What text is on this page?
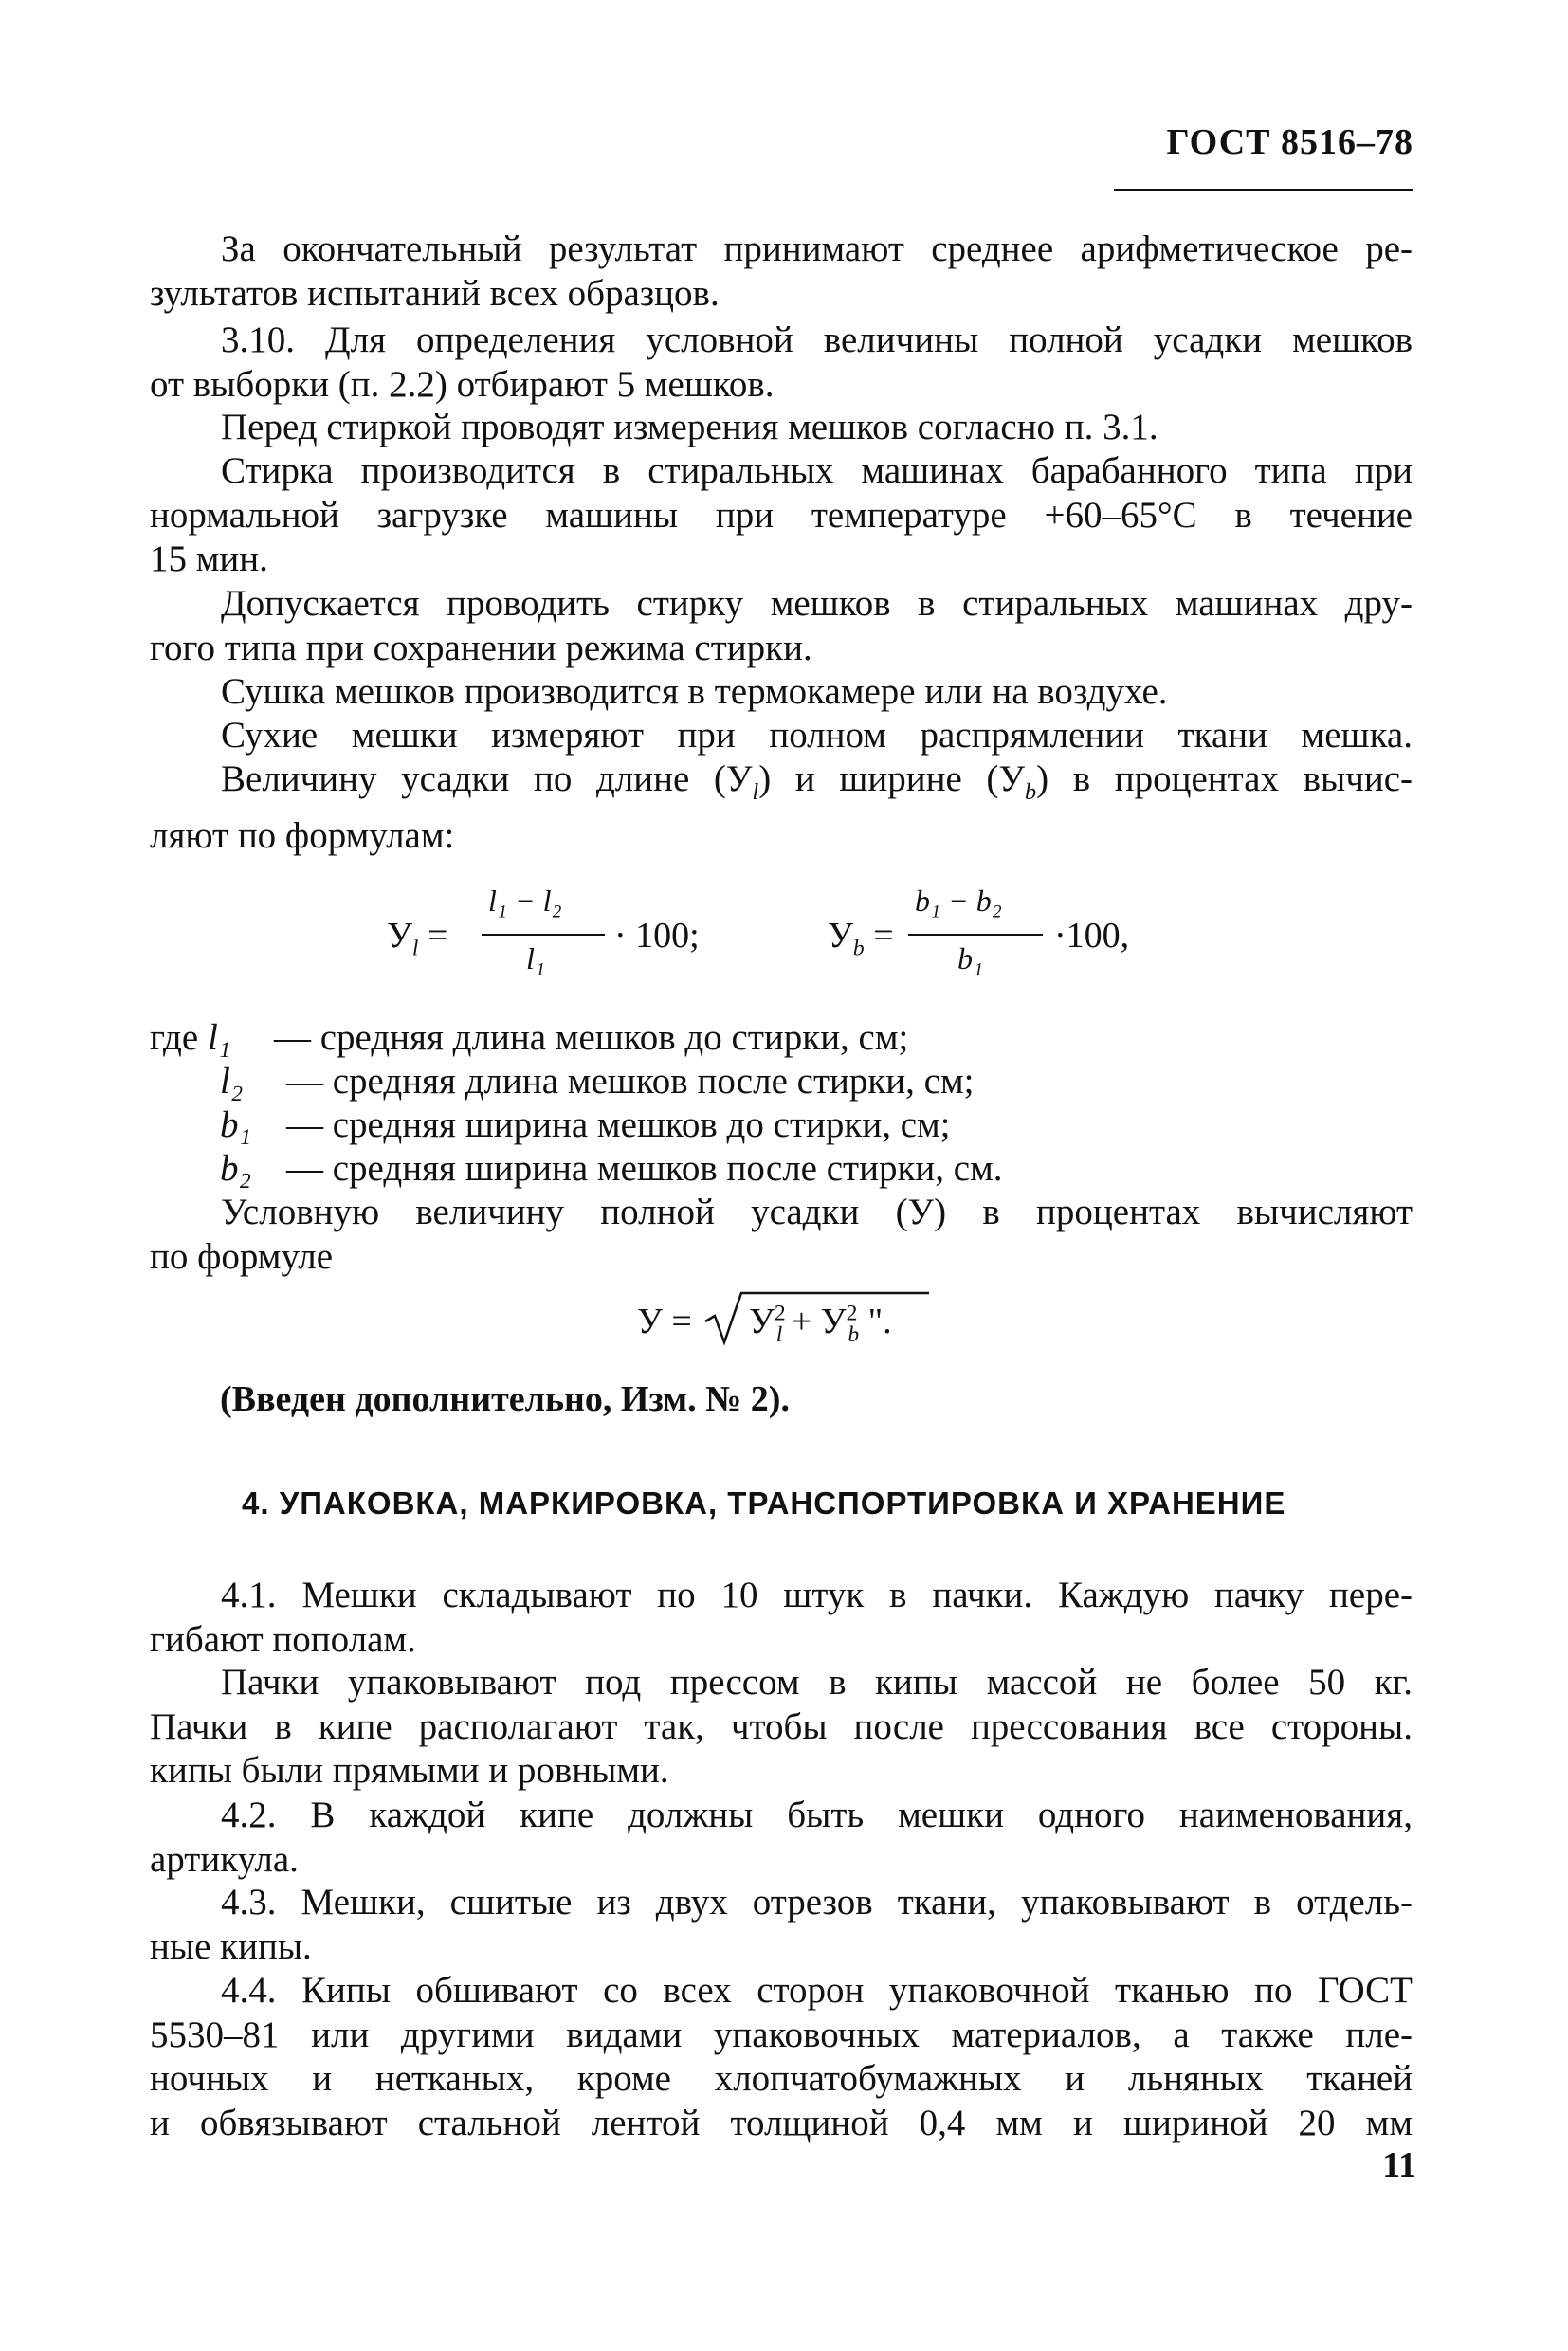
ГОСТ 8516–78
За окончательный результат принимают среднее арифметическое ре-
зультатов испытаний всех образцов.
3.10. Для определения условной величины полной усадки мешков
от выборки (п. 2.2) отбирают 5 мешков.
Перед стиркой проводят измерения мешков согласно п. 3.1.
Стирка производится в стиральных машинах барабанного типа при
нормальной загрузке машины при температуре +60–65°С в течение
15 мин.
Допускается проводить стирку мешков в стиральных машинах дру-
гого типа при сохранении режима стирки.
Сушка мешков производится в термокамере или на воздухе.
Сухие мешки измеряют при полном распрямлении ткани мешка.
Величину усадки по длине $(У_l)$ и ширине $(У_b)$ в процентах вычис-
ляют по формулам:
$У_l$ =
l₁ − l₂
l₁
· 100;	$У_b$ =
b₁ − b₂
b₁
·100,
где l₁ — средняя длина мешков до стирки, см;
l₂ — средняя длина мешков после стирки, см;
b₁ — средняя ширина мешков до стирки, см;
b₂ — средняя ширина мешков после стирки, см.
Условную величину полной усадки (У) в процентах вычисляют
по формуле
$У = У^2_l + У^2_b$ ".
(Введен дополнительно, Изм. № 2).
4. УПАКОВКА, МАРКИРОВКА, ТРАНСПОРТИРОВКА И ХРАНЕНИЕ
4.1. Мешки складывают по 10 штук в пачки. Каждую пачку пере-
гибают пополам.
Пачки упаковывают под прессом в кипы массой не более 50 кг.
Пачки в кипе располагают так, чтобы после прессования все стороны.
кипы были прямыми и ровными.
4.2. В каждой кипе должны быть мешки одного наименования,
артикула.
4.3. Мешки, сшитые из двух отрезов ткани, упаковывают в отдель-
ные кипы.
4.4. Кипы обшивают со всех сторон упаковочной тканью по ГОСТ
5530–81 или другими видами упаковочных материалов, а также пле-
ночных и нетканых, кроме хлопчатобумажных и льняных тканей
и обвязывают стальной лентой толщиной 0,4 мм и шириной 20 мм
11
